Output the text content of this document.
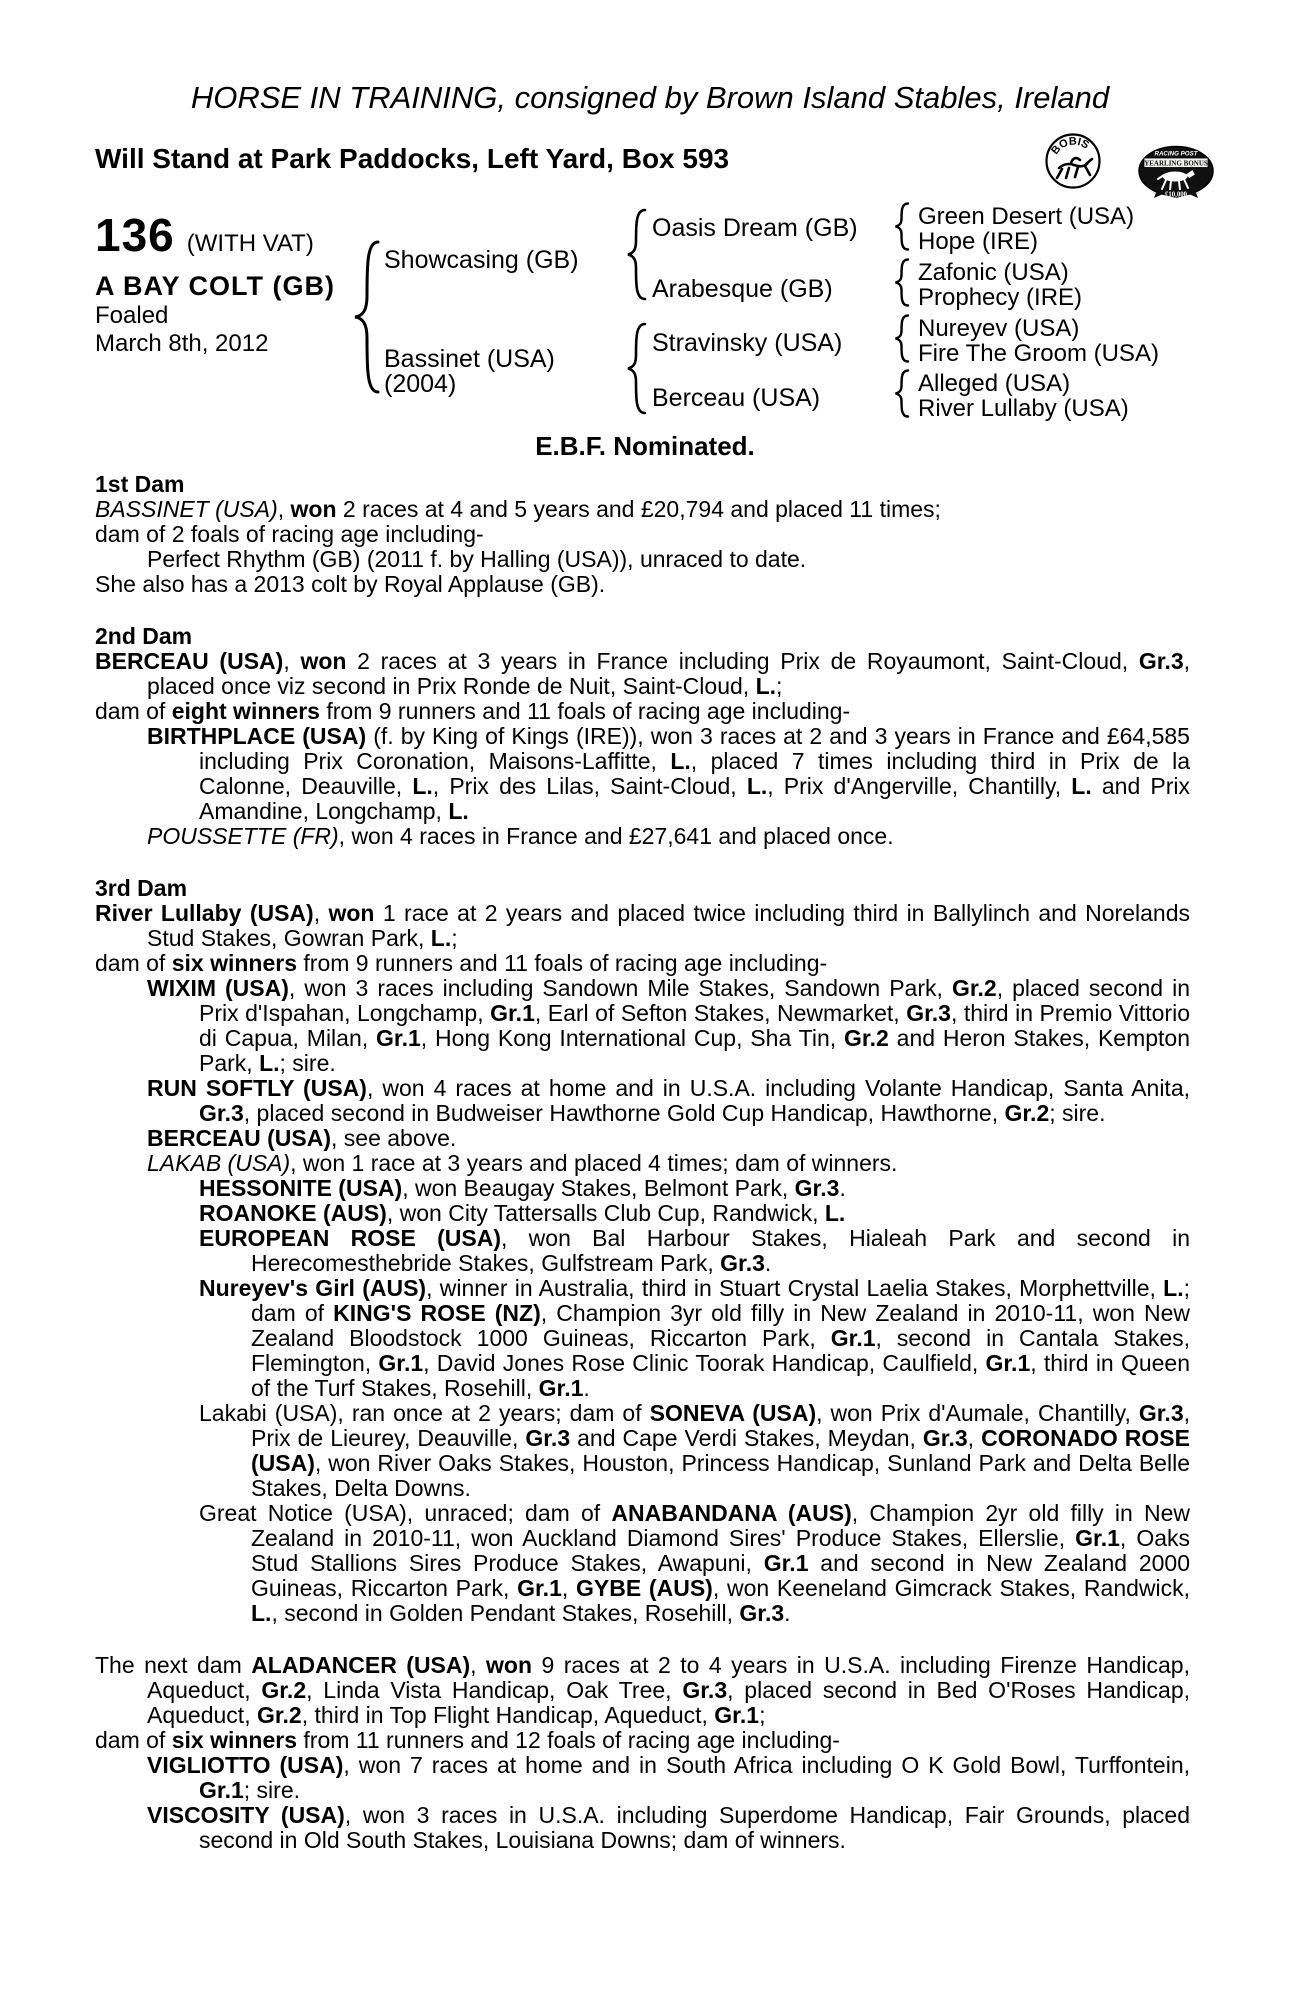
HORSE IN TRAINING, consigned by Brown Island Stables, Ireland
Will Stand at Park Paddocks, Left Yard, Box 593	BOBIS
RACING POST
YEARLING BONUS
£10,000
136 (WITH VAT)
A BAY COLT (GB)
Foaled
March 8th, 2012
Showcasing (GB)
Bassinet (USA)
(2004)
Oasis Dream (GB)
Arabesque (GB)
Stravinsky (USA)
Berceau (USA)
Green Desert (USA)
Hope (IRE)
Zafonic (USA)
Prophecy (IRE)
Nureyev (USA)
Fire The Groom (USA)
Alleged (USA)
River Lullaby (USA)
E.B.F. Nominated.
1st Dam

BASSINET (USA), won 2 races at 4 and 5 years and £20,794 and placed 11 times;

dam of 2 foals of racing age including-

Perfect Rhythm (GB) (2011 f. by Halling (USA)), unraced to date.

She also has a 2013 colt by Royal Applause (GB).

2nd Dam

BERCEAU (USA), won 2 races at 3 years in France including Prix de Royaumont, Saint-Cloud, Gr.3, placed once viz second in Prix Ronde de Nuit, Saint-Cloud, L.;

dam of eight winners from 9 runners and 11 foals of racing age including-

BIRTHPLACE (USA) (f. by King of Kings (IRE)), won 3 races at 2 and 3 years in France and £64,585 including Prix Coronation, Maisons-Laffitte, L., placed 7 times including third in Prix de la Calonne, Deauville, L., Prix des Lilas, Saint-Cloud, L., Prix d'Angerville, Chantilly, L. and Prix Amandine, Longchamp, L.

POUSSETTE (FR), won 4 races in France and £27,641 and placed once.

3rd Dam

River Lullaby (USA), won 1 race at 2 years and placed twice including third in Ballylinch and Norelands Stud Stakes, Gowran Park, L.;

dam of six winners from 9 runners and 11 foals of racing age including-

WIXIM (USA), won 3 races including Sandown Mile Stakes, Sandown Park, Gr.2, placed second in Prix d'Ispahan, Longchamp, Gr.1, Earl of Sefton Stakes, Newmarket, Gr.3, third in Premio Vittorio di Capua, Milan, Gr.1, Hong Kong International Cup, Sha Tin, Gr.2 and Heron Stakes, Kempton Park, L.; sire.

RUN SOFTLY (USA), won 4 races at home and in U.S.A. including Volante Handicap, Santa Anita, Gr.3, placed second in Budweiser Hawthorne Gold Cup Handicap, Hawthorne, Gr.2; sire.

BERCEAU (USA), see above.

LAKAB (USA), won 1 race at 3 years and placed 4 times; dam of winners.

HESSONITE (USA), won Beaugay Stakes, Belmont Park, Gr.3.

ROANOKE (AUS), won City Tattersalls Club Cup, Randwick, L.

EUROPEAN ROSE (USA), won Bal Harbour Stakes, Hialeah Park and second in Herecomesthebride Stakes, Gulfstream Park, Gr.3.

Nureyev's Girl (AUS), winner in Australia, third in Stuart Crystal Laelia Stakes, Morphettville, L.; dam of KING'S ROSE (NZ), Champion 3yr old filly in New Zealand in 2010-11, won New Zealand Bloodstock 1000 Guineas, Riccarton Park, Gr.1, second in Cantala Stakes, Flemington, Gr.1, David Jones Rose Clinic Toorak Handicap, Caulfield, Gr.1, third in Queen of the Turf Stakes, Rosehill, Gr.1.

Lakabi (USA), ran once at 2 years; dam of SONEVA (USA), won Prix d'Aumale, Chantilly, Gr.3, Prix de Lieurey, Deauville, Gr.3 and Cape Verdi Stakes, Meydan, Gr.3, CORONADO ROSE (USA), won River Oaks Stakes, Houston, Princess Handicap, Sunland Park and Delta Belle Stakes, Delta Downs.

Great Notice (USA), unraced; dam of ANABANDANA (AUS), Champion 2yr old filly in New Zealand in 2010-11, won Auckland Diamond Sires' Produce Stakes, Ellerslie, Gr.1, Oaks Stud Stallions Sires Produce Stakes, Awapuni, Gr.1 and second in New Zealand 2000 Guineas, Riccarton Park, Gr.1, GYBE (AUS), won Keeneland Gimcrack Stakes, Randwick, L., second in Golden Pendant Stakes, Rosehill, Gr.3.

The next dam ALADANCER (USA), won 9 races at 2 to 4 years in U.S.A. including Firenze Handicap, Aqueduct, Gr.2, Linda Vista Handicap, Oak Tree, Gr.3, placed second in Bed O'Roses Handicap, Aqueduct, Gr.2, third in Top Flight Handicap, Aqueduct, Gr.1;

dam of six winners from 11 runners and 12 foals of racing age including-

VIGLIOTTO (USA), won 7 races at home and in South Africa including O K Gold Bowl, Turffontein, Gr.1; sire.

VISCOSITY (USA), won 3 races in U.S.A. including Superdome Handicap, Fair Grounds, placed second in Old South Stakes, Louisiana Downs; dam of winners.
